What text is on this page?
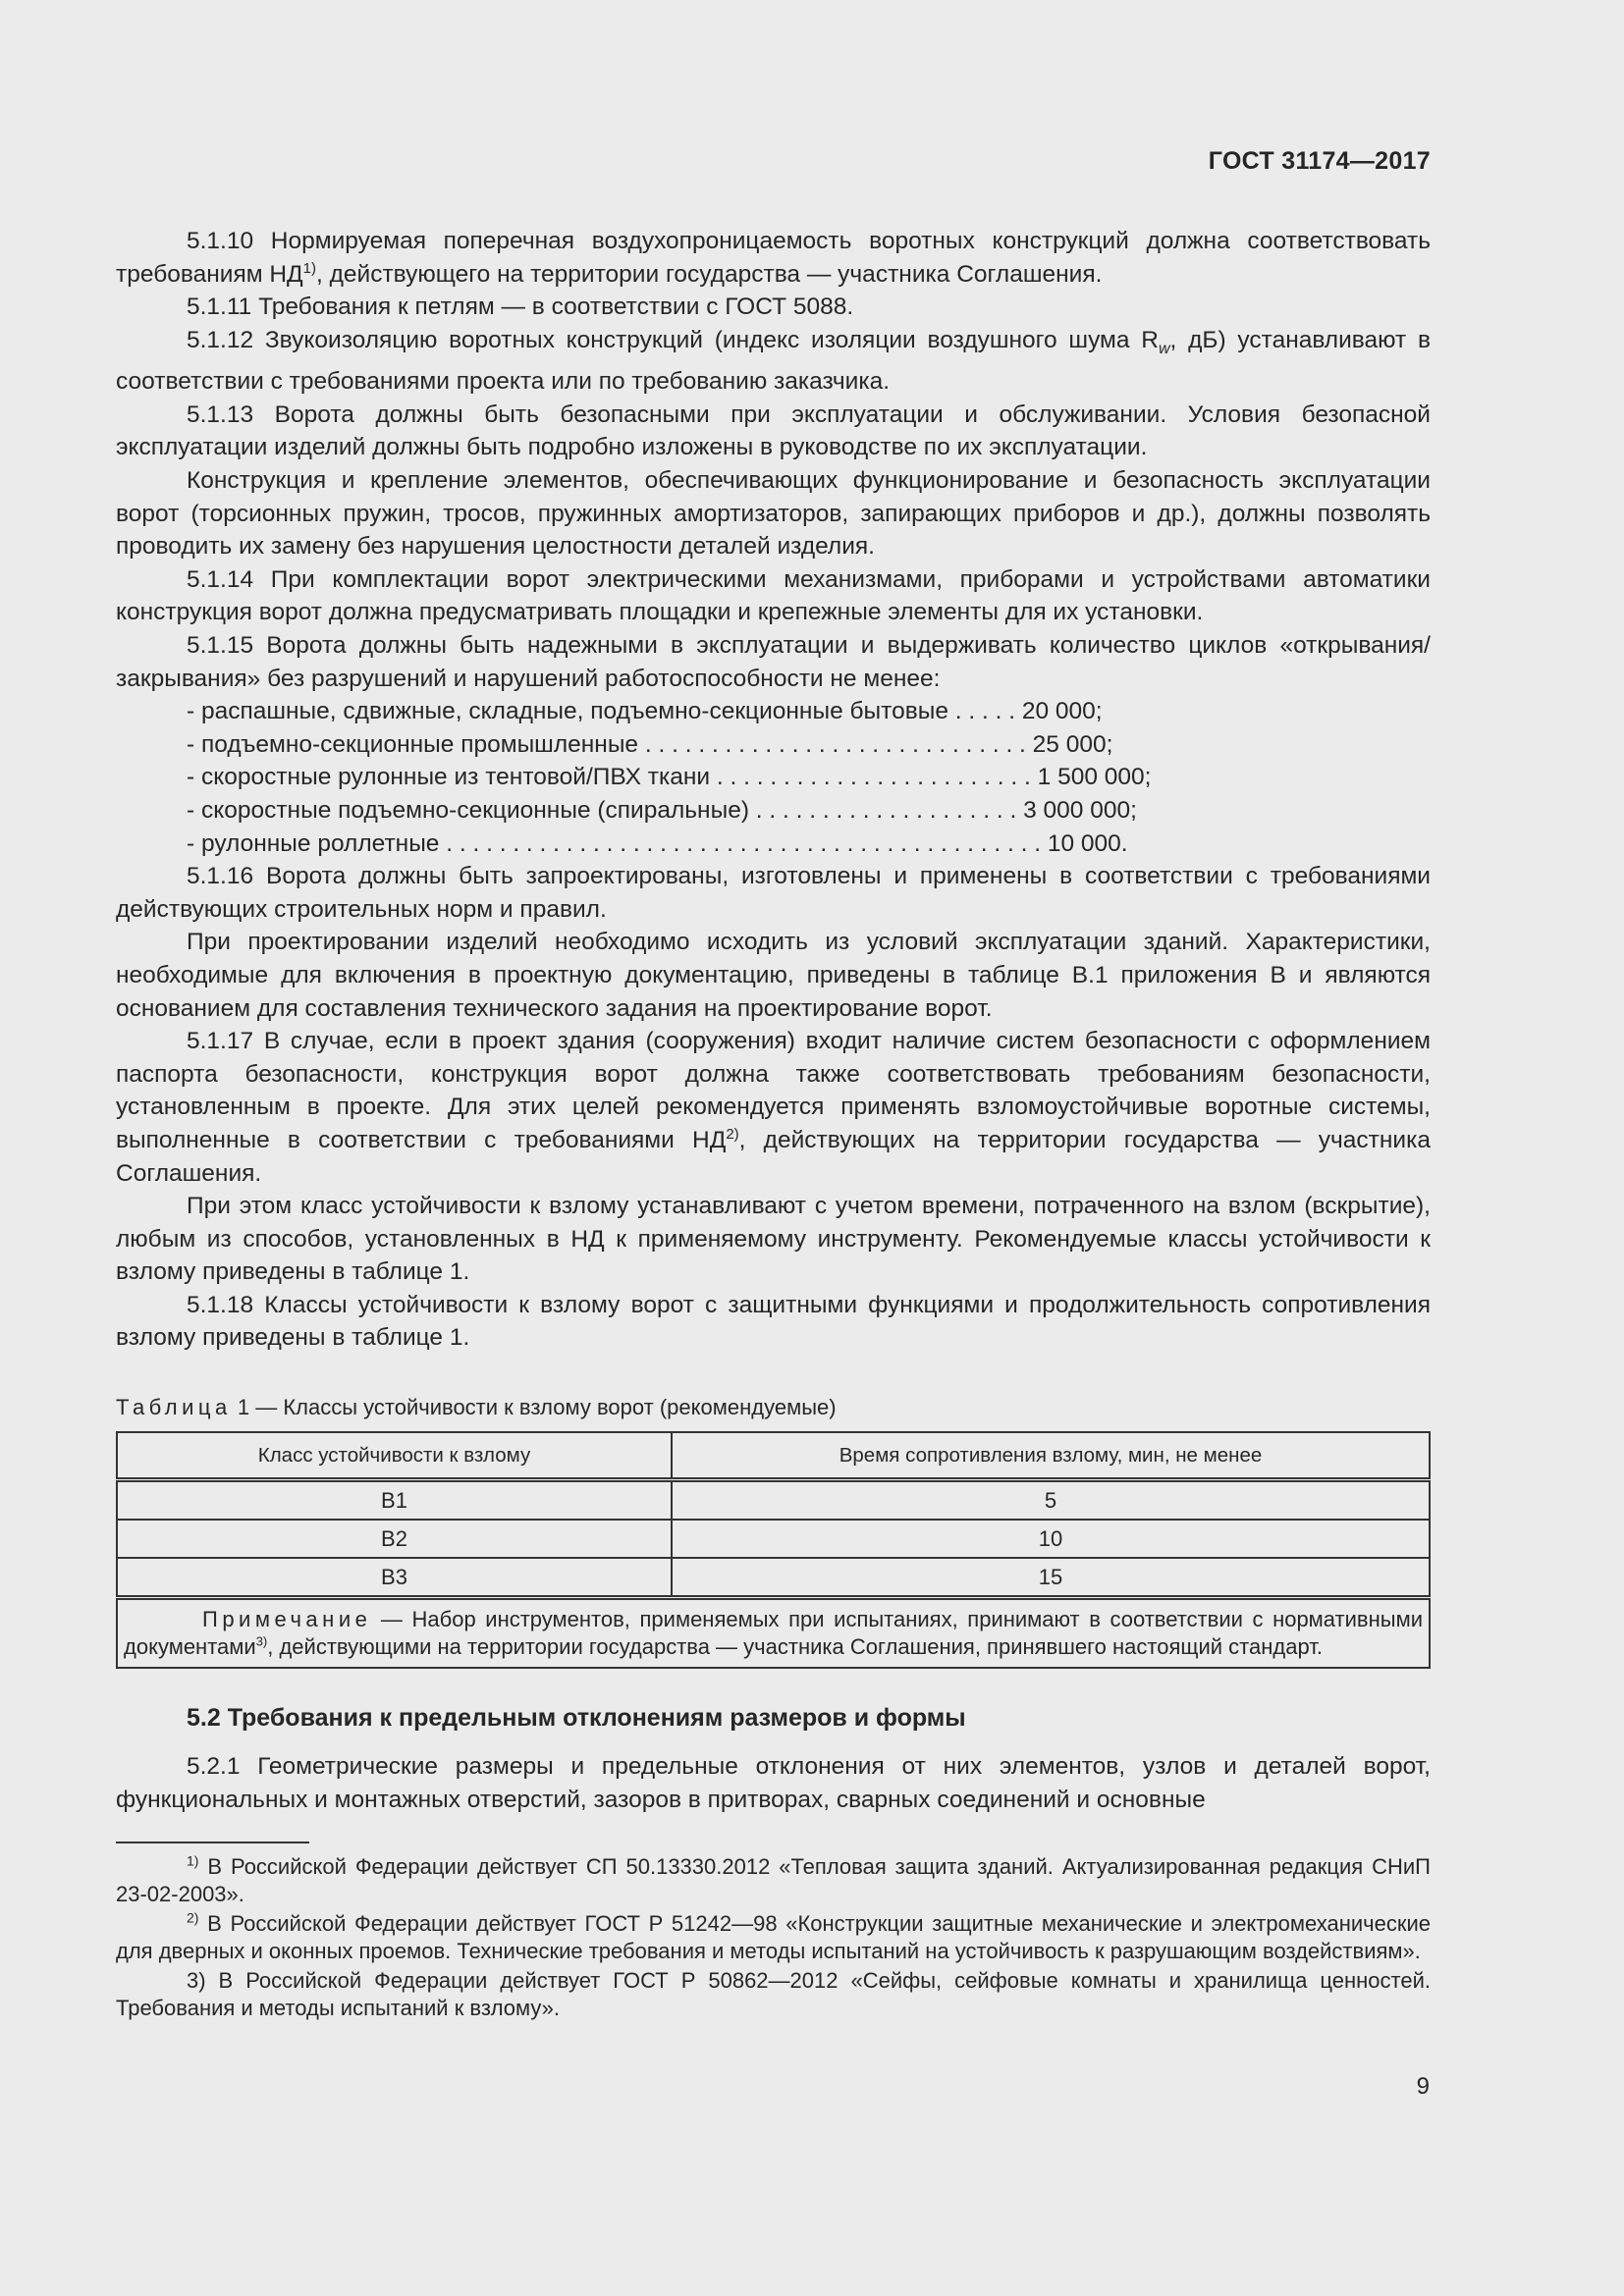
ГОСТ 31174—2017

5.1.10 Нормируемая поперечная воздухопроницаемость воротных конструкций должна соответствовать требованиям НД$^{1)}$, действующего на территории государства — участника Соглашения.

5.1.11 Требования к петлям — в соответствии с ГОСТ 5088.

5.1.12 Звукоизоляцию воротных конструкций (индекс изоляции воздушного шума $R_w$, дБ) устанавливают в соответствии с требованиями проекта или по требованию заказчика.

5.1.13 Ворота должны быть безопасными при эксплуатации и обслуживании. Условия безопасной эксплуатации изделий должны быть подробно изложены в руководстве по их эксплуатации.

Конструкция и крепление элементов, обеспечивающих функционирование и безопасность эксплуатации ворот (торсионных пружин, тросов, пружинных амортизаторов, запирающих приборов и др.), должны позволять проводить их замену без нарушения целостности деталей изделия.

5.1.14 При комплектации ворот электрическими механизмами, приборами и устройствами автоматики конструкция ворот должна предусматривать площадки и крепежные элементы для их установки.

5.1.15 Ворота должны быть надежными в эксплуатации и выдерживать количество циклов «открывания/закрывания» без разрушений и нарушений работоспособности не менее:

- распашные, сдвижные, складные, подъемно-секционные бытовые . . . . . 20 000;
- подъемно-секционные промышленные . . . . . . . . . . . . . . . . . . . . . . . . . . . . . 25 000;
- скоростные рулонные из тентовой/ПВХ ткани . . . . . . . . . . . . . . . . . . . . . . . . 1 500 000;
- скоростные подъемно-секционные (спиральные) . . . . . . . . . . . . . . . . . . . . 3 000 000;
- рулонные роллетные . . . . . . . . . . . . . . . . . . . . . . . . . . . . . . . . . . . . . . . . . . . . . 10 000.

5.1.16 Ворота должны быть запроектированы, изготовлены и применены в соответствии с требованиями действующих строительных норм и правил.

При проектировании изделий необходимо исходить из условий эксплуатации зданий. Характеристики, необходимые для включения в проектную документацию, приведены в таблице В.1 приложения В и являются основанием для составления технического задания на проектирование ворот.

5.1.17 В случае, если в проект здания (сооружения) входит наличие систем безопасности с оформлением паспорта безопасности, конструкция ворот должна также соответствовать требованиям безопасности, установленным в проекте. Для этих целей рекомендуется применять взломоустойчивые воротные системы, выполненные в соответствии с требованиями НД$^{2)}$, действующих на территории государства — участника Соглашения.

При этом класс устойчивости к взлому устанавливают с учетом времени, потраченного на взлом (вскрытие), любым из способов, установленных в НД к применяемому инструменту. Рекомендуемые классы устойчивости к взлому приведены в таблице 1.

5.1.18 Классы устойчивости к взлому ворот с защитными функциями и продолжительность сопротивления взлому приведены в таблице 1.

Таблица 1 — Классы устойчивости к взлому ворот (рекомендуемые)
Класс устойчивости к взлому	Время сопротивления взлому, мин, не менее
В1	5
В2	10
В3	15
Примечание — Набор инструментов, применяемых при испытаниях, принимают в соответствии с нормативными документами$^{3)}$, действующими на территории государства — участника Соглашения, принявшего настоящий стандарт.	
5.2 Требования к предельным отклонениям размеров и формы

5.2.1 Геометрические размеры и предельные отклонения от них элементов, узлов и деталей ворот, функциональных и монтажных отверстий, зазоров в притворах, сварных соединений и основные

$^{1)}$ В Российской Федерации действует СП 50.13330.2012 «Тепловая защита зданий. Актуализированная редакция СНиП 23-02-2003».

$^{2)}$ В Российской Федерации действует ГОСТ Р 51242—98 «Конструкции защитные механические и электромеханические для дверных и оконных проемов. Технические требования и методы испытаний на устойчивость к разрушающим воздействиям».

3) В Российской Федерации действует ГОСТ Р 50862—2012 «Сейфы, сейфовые комнаты и хранилища ценностей. Требования и методы испытаний к взлому».

9
